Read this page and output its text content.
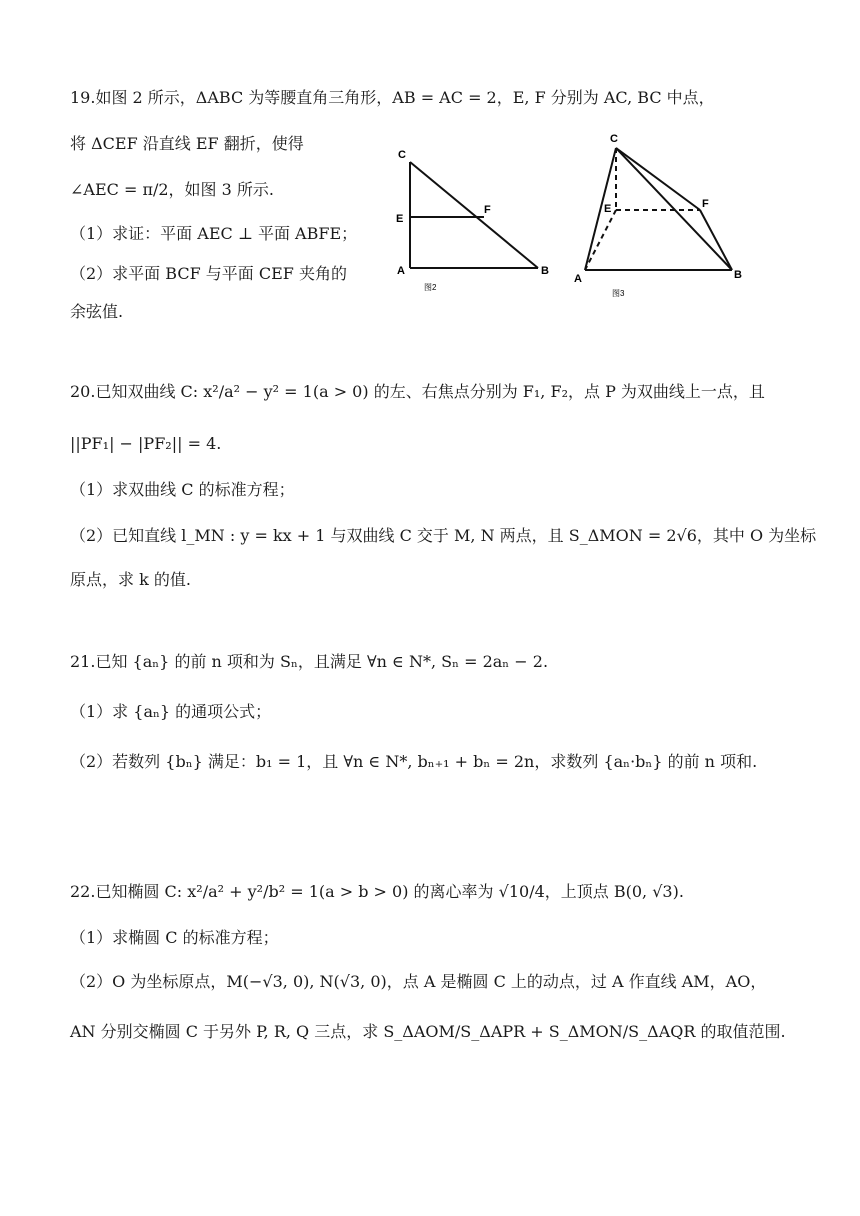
19.如图 2 所示，ΔABC 为等腰直角三角形，AB = AC = 2，E, F 分别为 AC, BC 中点，
将 ΔCEF 沿直线 EF 翻折，使得
∠AEC = π/2，如图 3 所示.
（1）求证：平面 AEC ⊥ 平面 ABFE；
（2）求平面 BCF 与平面 CEF 夹角的
余弦值.
C
E
F
A	B
图2
C
E	F
A	B
图3
20.已知双曲线 C: x²/a² − y² = 1(a > 0) 的左、右焦点分别为 F₁, F₂，点 P 为双曲线上一点，且
||PF₁| − |PF₂|| = 4.
（1）求双曲线 C 的标准方程；
（2）已知直线 l_MN : y = kx + 1 与双曲线 C 交于 M, N 两点，且 S_ΔMON = 2√6，其中 O 为坐标
原点，求 k 的值.
21.已知 {aₙ} 的前 n 项和为 Sₙ，且满足 ∀n ∈ N*, Sₙ = 2aₙ − 2.
（1）求 {aₙ} 的通项公式；
（2）若数列 {bₙ} 满足：b₁ = 1，且 ∀n ∈ N*, bₙ₊₁ + bₙ = 2n，求数列 {aₙ·bₙ} 的前 n 项和.
22.已知椭圆 C: x²/a² + y²/b² = 1(a > b > 0) 的离心率为 √10/4，上顶点 B(0, √3).
（1）求椭圆 C 的标准方程；
（2）O 为坐标原点，M(−√3, 0), N(√3, 0)，点 A 是椭圆 C 上的动点，过 A 作直线 AM，AO，
AN 分别交椭圆 C 于另外 P, R, Q 三点，求 S_ΔAOM/S_ΔAPR + S_ΔMON/S_ΔAQR 的取值范围.
